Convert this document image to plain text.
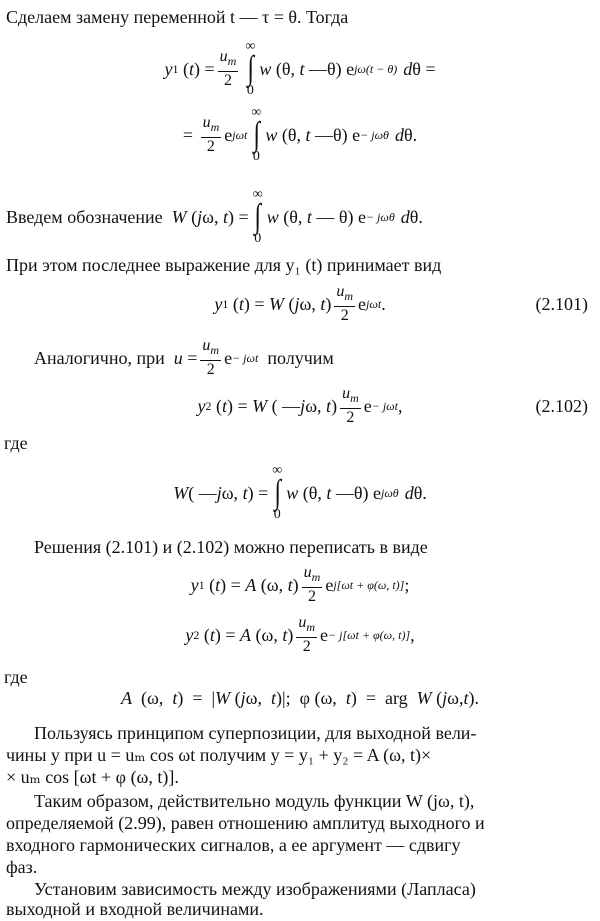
Сделаем замену переменной t — τ = θ. Тогда
y 1 ( t ) = $\frac{u_m}{2}$
∞
∫
0
w (θ, t —θ) e jω(t − θ) d θ =
= $\frac{u_m}{2}$ e jωt
∞
∫
0
w (θ, t —θ) e − jωθ d θ.
Введем обозначение
W ( j ω, t ) =
∞
∫
0
w (θ, t — θ) e − jωθ d θ.
При этом последнее выражение для y₁ (t) принимает вид
y 1 ( t ) = W ( j ω, t ) $\frac{u_m}{2}$ e jωt .	(2.101)
Аналогично, при
$u = \frac{u_m}{2}$ e − jωt
получим
y 2 ( t ) = W ( — j ω, t ) $\frac{u_m}{2}$ e − jωt ,	(2.102)
где
W ( — j ω, t ) =
∞
∫
0
w (θ, t —θ) e jωθ d θ.
Решения (2.101) и (2.102) можно переписать в виде
y 1 ( t ) = A (ω, t ) $\frac{u_m}{2}$ e j[ωt + φ(ω, t)] ;
y 2 ( t ) = A (ω, t ) $\frac{u_m}{2}$ e − j[ωt + φ(ω, t)] ,
где
A (ω, t )  =  | W ( j ω, t )|;  φ (ω, t )  =  arg W ( j ω, t ).
Пользуясь принципом суперпозиции, для выходной вели-
чины y при u = uₘ cos ωt получим y = y₁ + y₂ = A (ω, t)×
× uₘ cos [ωt + φ (ω, t)].
Таким образом, действительно модуль функции W (jω, t),
определяемой (2.99), равен отношению амплитуд выходного и
входного гармонических сигналов, а ее аргумент — сдвигу
фаз.
Установим зависимость между изображениями (Лапласа)
выходной и входной величинами.
